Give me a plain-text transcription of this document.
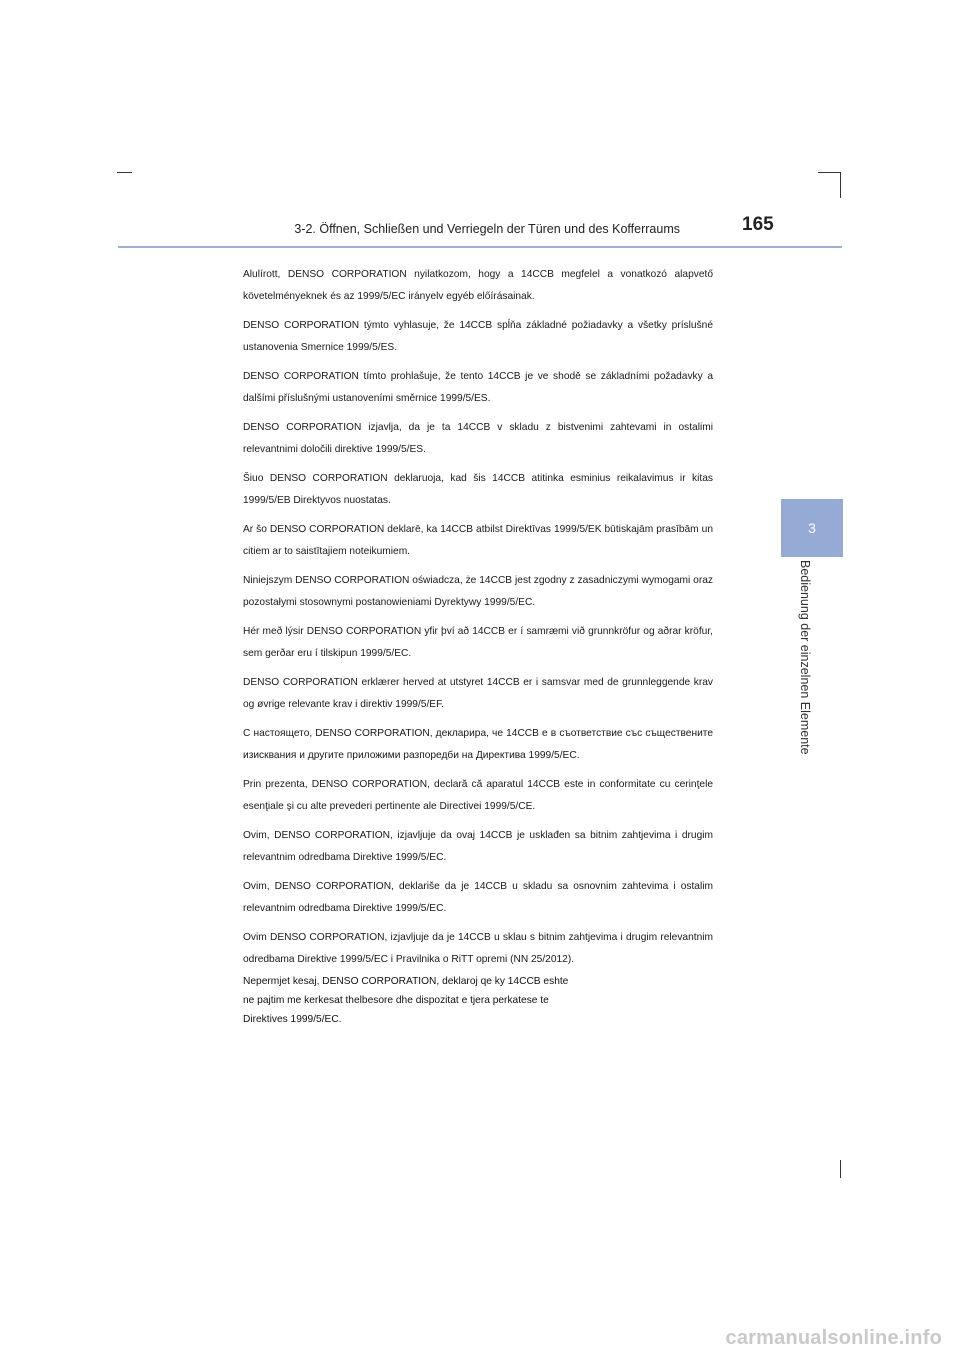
3-2. Öffnen, Schließen und Verriegeln der Türen und des Kofferraums	165
3
Bedienung der einzelnen Elemente

Alulírott, DENSO CORPORATION nyilatkozom, hogy a 14CCB megfelel a vonatkozó alapvető követelményeknek és az 1999/5/EC irányelv egyéb előírásainak.

DENSO CORPORATION týmto vyhlasuje, že 14CCB spĺňa základné požiadavky a všetky príslušné ustanovenia Smernice 1999/5/ES.

DENSO CORPORATION tímto prohlašuje, že tento 14CCB je ve shodě se základními požadavky a dalšími příslušnými ustanoveními směrnice 1999/5/ES.

DENSO CORPORATION izjavlja, da je ta 14CCB v skladu z bistvenimi zahtevami in ostalimi relevantnimi določili direktive 1999/5/ES.

Šiuo DENSO CORPORATION deklaruoja, kad šis 14CCB atitinka esminius reikalavimus ir kitas 1999/5/EB Direktyvos nuostatas.

Ar šo DENSO CORPORATION deklarē, ka 14CCB atbilst Direktīvas 1999/5/EK būtiskajām prasībām un citiem ar to saistītajiem noteikumiem.

Niniejszym DENSO CORPORATION oświadcza, że 14CCB jest zgodny z zasadniczymi wymogami oraz pozostałymi stosownymi postanowieniami Dyrektywy 1999/5/EC.

Hér með lýsir DENSO CORPORATION yfir því að 14CCB er í samræmi við grunnkröfur og aðrar kröfur, sem gerðar eru í tilskipun 1999/5/EC.

DENSO CORPORATION erklærer herved at utstyret 14CCB er i samsvar med de grunnleggende krav og øvrige relevante krav i direktiv 1999/5/EF.

С настоящето, DENSO CORPORATION, декларира, че 14CCB е в съответствие със съществените изисквания и другите приложими разпоредби на Директива 1999/5/EC.

Prin prezenta, DENSO CORPORATION, declară că aparatul 14CCB este in conformitate cu cerinţele esenţiale şi cu alte prevederi pertinente ale Directivei 1999/5/CE.

Ovim, DENSO CORPORATION, izjavljuje da ovaj 14CCB je usklađen sa bitnim zahtjevima i drugim relevantnim odredbama Direktive 1999/5/EC.

Ovim, DENSO CORPORATION, deklariše da je 14CCB u skladu sa osnovnim zahtevima i ostalim relevantnim odredbama Direktive 1999/5/EC.

Ovim DENSO CORPORATION, izjavljuje da je 14CCB u sklau s bitnim zahtjevima i drugim relevantnim odredbama Direktive 1999/5/EC i Pravilnika o RiTT opremi (NN 25/2012).

Nepermjet kesaj, DENSO CORPORATION, deklaroj qe ky 14CCB eshte
ne pajtim me kerkesat thelbesore dhe dispozitat e tjera perkatese te
Direktives 1999/5/EC.
carmanualsonline.info
